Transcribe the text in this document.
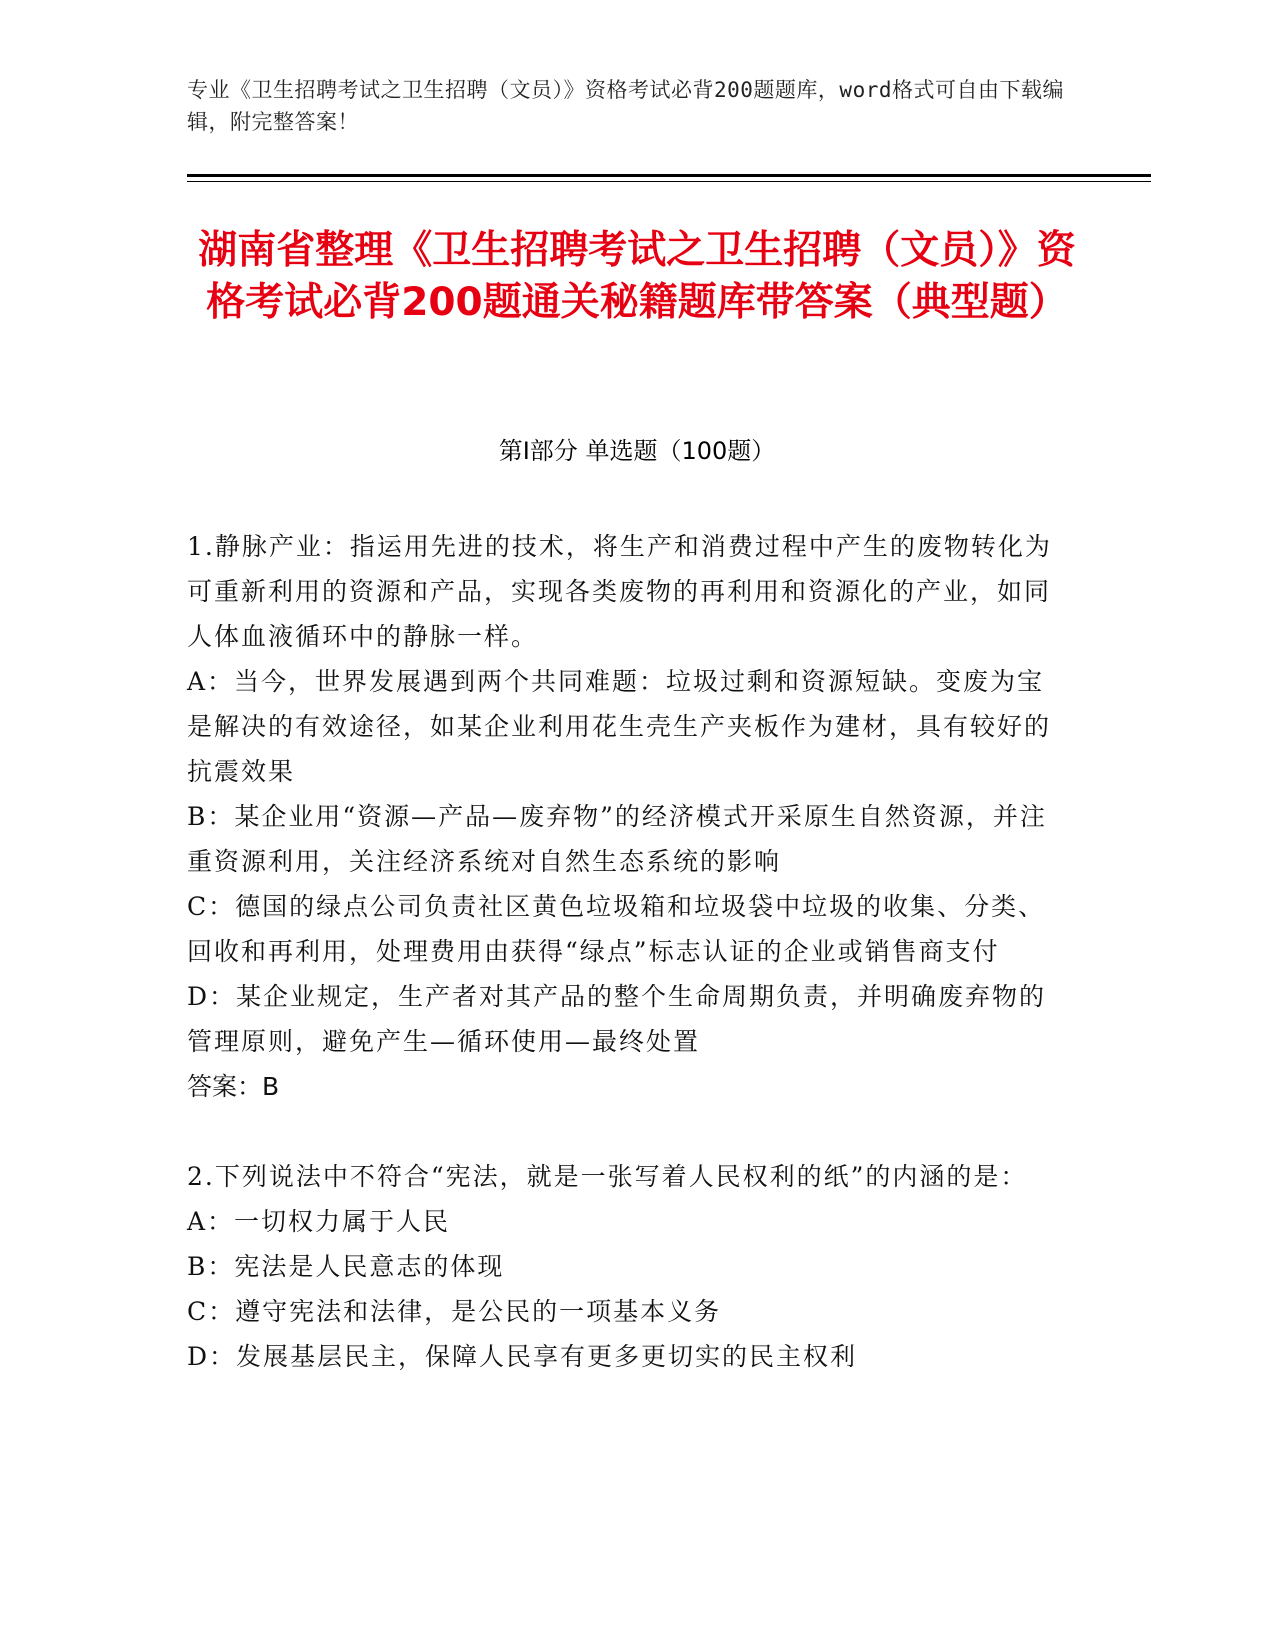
专业《卫生招聘考试之卫生招聘（文员）》资格考试必背200题题库，word格式可自由下载编辑，附完整答案！
湖南省整理《卫生招聘考试之卫生招聘（文员）》资格考试必背200题通关秘籍题库带答案（典型题）
第Ⅰ部分 单选题（100题）

1.静脉产业：指运用先进的技术，将生产和消费过程中产生的废物转化为可重新利用的资源和产品，实现各类废物的再利用和资源化的产业，如同人体血液循环中的静脉一样。

A：当今，世界发展遇到两个共同难题：垃圾过剩和资源短缺。变废为宝是解决的有效途径，如某企业利用花生壳生产夹板作为建材，具有较好的抗震效果

B：某企业用“资源—产品—废弃物”的经济模式开采原生自然资源，并注重资源利用，关注经济系统对自然生态系统的影响

C：德国的绿点公司负责社区黄色垃圾箱和垃圾袋中垃圾的收集、分类、回收和再利用，处理费用由获得“绿点”标志认证的企业或销售商支付

D：某企业规定，生产者对其产品的整个生命周期负责，并明确废弃物的管理原则，避免产生—循环使用—最终处置

答案：B

2.下列说法中不符合“宪法，就是一张写着人民权利的纸”的内涵的是：

A：一切权力属于人民

B：宪法是人民意志的体现

C：遵守宪法和法律，是公民的一项基本义务

D：发展基层民主，保障人民享有更多更切实的民主权利
